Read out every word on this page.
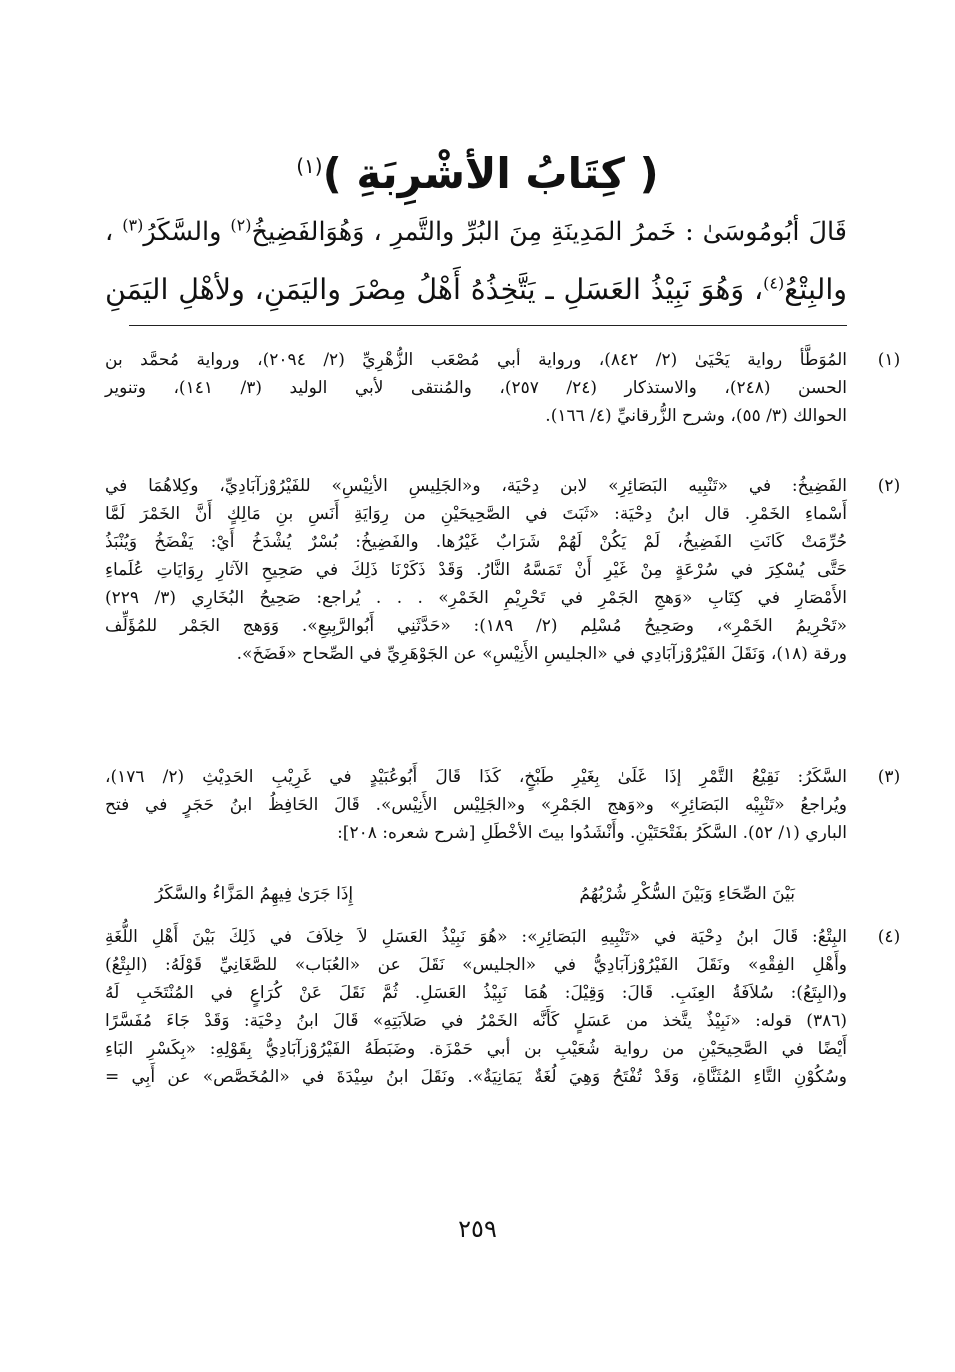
( كِتَابُ الأشْرِبَةِ )$^{(١)}$
قَالَ أبُومُوسَىٰ : خَمرُ المَدِينَةِ مِنَ البُرِّ والتَّمرِ ، وَهُوَالفَضِيخُ$^{(٢)}$ والسَّكَرُ$^{(٣)}$ ،
والبِتْعُ$^{(٤)}$، وَهُوَ نَبِيْذُ العَسَلِ ـ يَتَّخِذُهُ أَهْلُ مِصْرَ واليَمَنِ، ولأهْلِ اليَمَنِ
(١)
المُوَطَّأ رواية يَحْيَىٰ (٢/ ٨٤٢)، ورواية أبي مُصْعَب الزُّهْرِيِّ (٢/ ٢٠٩٤)، ورواية مُحمَّد بن
الحسن (٢٤٨)، والاستذكار (٢٤/ ٢٥٧)، والمُنتقى لأبي الوليد (٣/ ١٤١)، وتنوير
الحوالك (٣/ ٥٥)، وشرح الزُّرقانيِّ (٤/ ١٦٦).
(٢)
الفَضِيخُ: في «تَنْبِيه البَصَائِرِ» لابن دِحْيَة، و«الجَلِيسِ الأنِيْسِ» للفَيْرُوْزآبَادِيِّ، وكِلاهُمَا في
أَسْماءِ الخَمْرِ. قال ابنُ دِحْيَة: «ثَبَتَ في الصَّحِيحَيْنِ من رِوَايَةِ أَنَسِ بنِ مَالِكٍ أَنَّ الخَمْرَ لَمَّا
حُرِّمَتْ كَانَتِ الفَضِيخُ، لَمْ يَكُنْ لَهُمْ شَرَابٌ غَيْرُها. والفَضِيخُ: بُسْرٌ يُشْدَخُ أَيْ: يَفْضَخُ وَيُنْبَذُ
حَتَّى يُسْكِرَ في سُرْعَةٍ مِنْ غَيْرِ أَنْ تَمَسَّهُ النَّارُ. وَقَدْ ذَكَرْنَا ذَلِكَ في صَحِيحِ الآثارِ رِوَايَاتِ عُلَماءِ
الأَمْصَارِ في كِتَابِ «وَهجِ الجَمْرِ في تَحْرِيْمِ الخَمْرِ» . . . يُراجع: صَحِيحُ البُخَارِي (٣/ ٢٢٩)
«تَحْرِيمُ الخَمْرِ»، وصَحِيحُ مُسْلِم (٢/ ١٨٩): «حَدَّثَنِي أَبُوالرَّبِيعِ». وَوَهج الجَمْر للمُؤَلِّف
ورقة (١٨)، وَنَقَلَ الفَيْرُوْزآبَادِي في «الجليسِ الأَنِيْسِ» عن الجَوْهَرِيِّ في الصِّحاح «فَضَخَ».
(٣)
السَّكَرُ: نَقِيْعُ التَّمْرِ إذَا غَلَىٰ بِغَيْرِ طَبْخٍ، كَذَا قَالَ أَبُوعُبَيْدٍ في غَرِيْبِ الحَدِيْثِ (٢/ ١٧٦)،
ويُراجعُ «تَنْبِيْه البَصَائِرِ» و«وَهج الجَمْرِ» و«الجَلِيْس الأَنِيْس». قَالَ الحَافِظُ ابنُ حَجَرٍ في فتح
الباري (١/ ٥٢). السَّكَرُ بفَتْحَتَيْنِ. وأَنْشَدُوا بيتَ الأخْطَلِ [شرح شعره: ٢٠٨]:
بَيْنَ الصِّحَاءِ وَبَيْنَ السُّكْرِ شُرْبُهُمُ
إِذَا جَرَىٰ فِيهِمُ المَزَّاءُ والسَّكَرُ
(٤)
البِتْعُ: قَالَ ابنُ دِحْيَة في «تَنْبِيهِ البَصَائِرِ»: «هُوَ نَبِيْذُ العَسَلِ لاَ خِلاَفَ في ذَلِكَ بَيْنَ أَهْلِ اللُّغَةِ
وأَهْلِ الفِقْهِ» ونَقَلَ الفَيْرُوْزآبَادِيُّ في «الجليس» نَقَلَ عن «العُبَاب» للصَّغَانِيِّ قَوْلَهُ: (البِتْعُ)
و(البِتَعُ): سُلاَفَةُ العِنَبِ. قَالَ: وَقِيْلَ: هُمَا نَبِيْذُ العَسَلِ. ثُمَّ نَقَلَ عَنْ كُرَاعٍ في المُنْتَخَبِ لَهُ
(٣٨٦) قوله: «نَبِيْذٌ يتَّخذ من عَسَلٍ كَأَنَّه الخَمْرُ في صَلاَبَتِهِ» قَالَ ابنُ دِحْيَة: وَقَدْ جَاءَ مُفَسَّرًا
أَيْضًا في الصَّحِيحَيْنِ من رواية شُعَيْبِ بن أبي حَمْزَة. وضَبَطَهُ الفَيْرُوْزآبَادِيُّ بِقَوْلِهِ: «بِكَسْرِ البَاءِ
وسُكُوْنِ التَّاءِ المُثَنَّاةِ، وَقَدْ تُفْتَحُ وَهِيَ لُغَةٌ يَمَانِيَةٌ». ونَقَلَ ابنُ سِيْدَةَ في «المُخَصَّص» عن أَبِي =
٢٥٩
